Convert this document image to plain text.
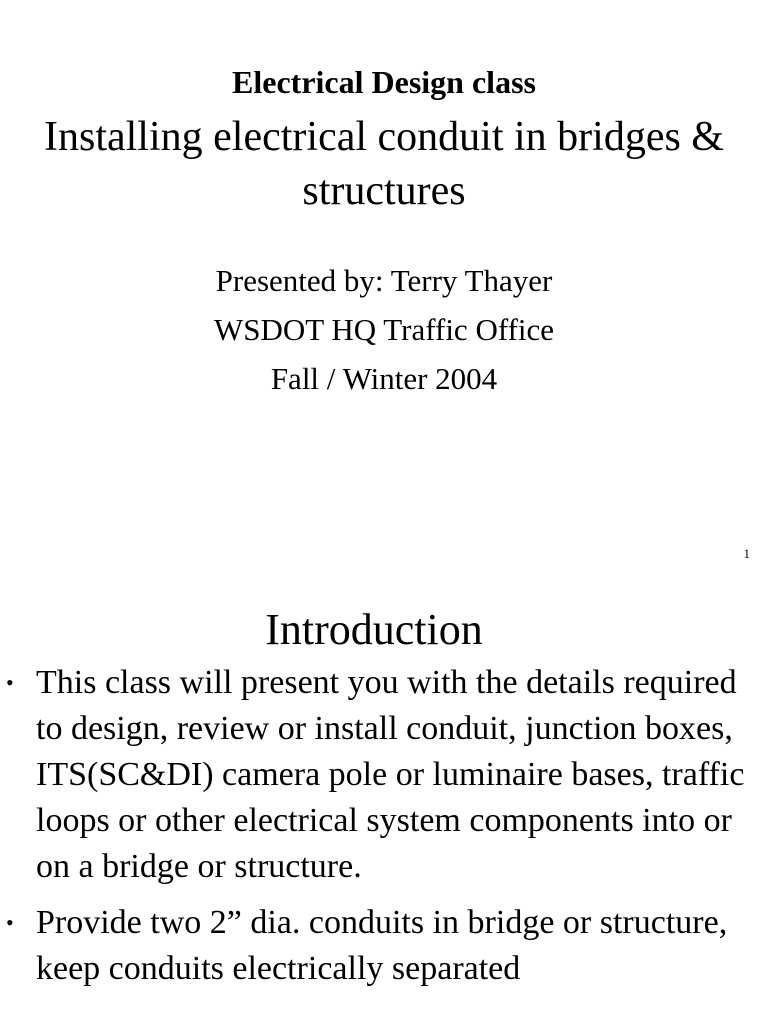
Electrical Design class
Installing electrical conduit in bridges & structures
Presented by: Terry Thayer
WSDOT HQ Traffic Office
Fall / Winter 2004
1
Introduction
• This class will present you with the details required to design, review or install conduit, junction boxes, ITS(SC&DI) camera pole or luminaire bases, traffic loops or other electrical system components into or on a bridge or structure.
• Provide two 2” dia. conduits in bridge or structure, keep conduits electrically separated
